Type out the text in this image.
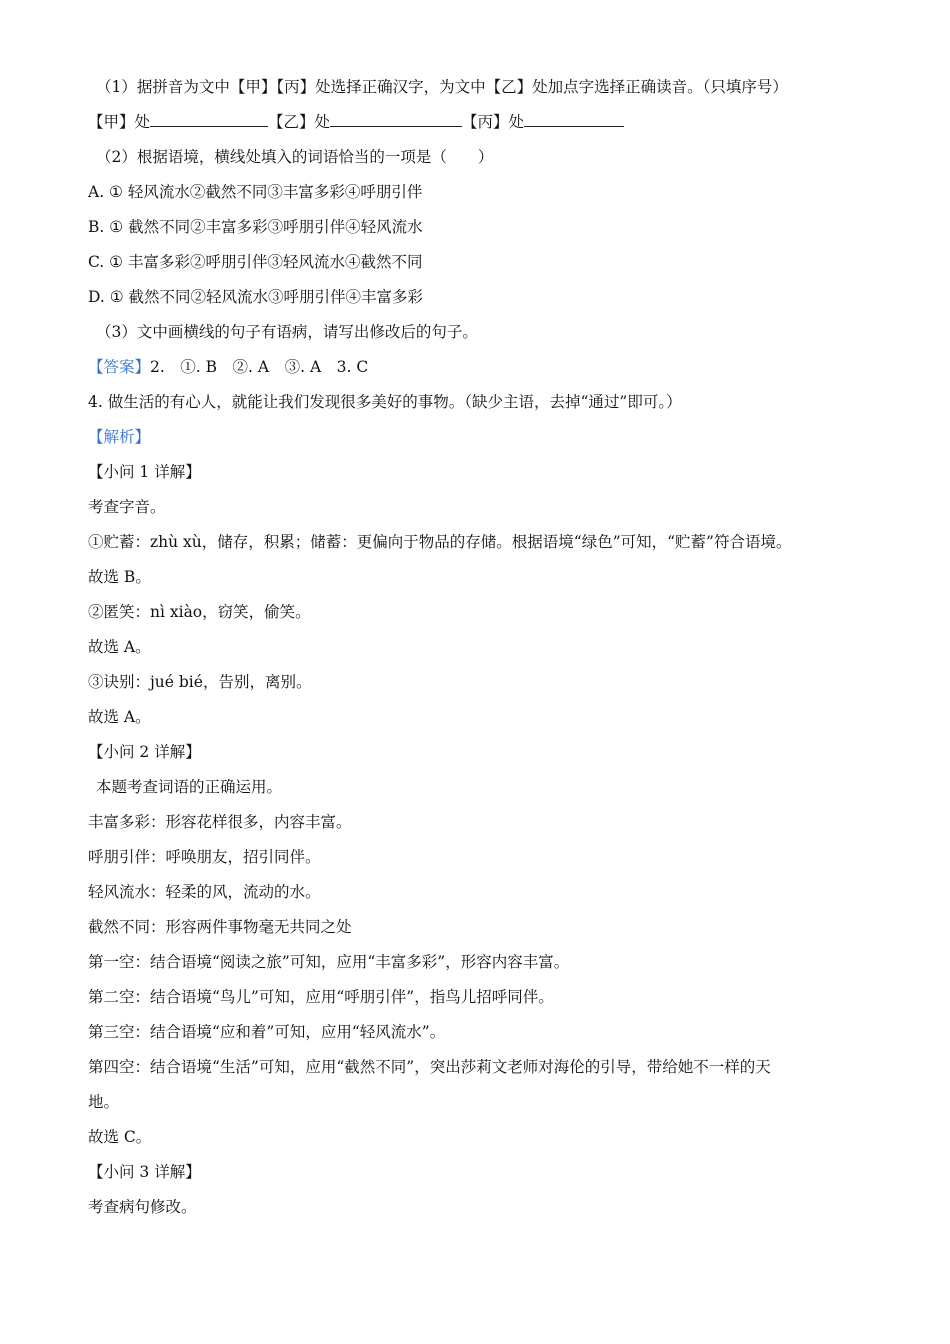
（1）据拼音为文中【甲】【丙】处选择正确汉字，为文中【乙】处加点字选择正确读音。（只填序号）
【甲】处	【乙】处	【丙】处
（2）根据语境，横线处填入的词语恰当的一项是（　　）
A. ① 轻风流水②截然不同③丰富多彩④呼朋引伴
B. ① 截然不同②丰富多彩③呼朋引伴④轻风流水
C. ① 丰富多彩②呼朋引伴③轻风流水④截然不同
D. ① 截然不同②轻风流水③呼朋引伴④丰富多彩
（3）文中画横线的句子有语病，请写出修改后的句子。
【答案】2.　①. B　②. A　③. A　3. C
4. 做生活的有心人，就能让我们发现很多美好的事物。（缺少主语，去掉“通过”即可。）
【解析】
【小问 1 详解】
考查字音。
①贮蓄：zhù xù，储存，积累；储蓄：更偏向于物品的存储。根据语境“绿色”可知，“贮蓄”符合语境。
故选 B。
②匿笑：nì xiào，窃笑，偷笑。
故选 A。
③诀别：jué bié，告别，离别。
故选 A。
【小问 2 详解】
本题考查词语的正确运用。
丰富多彩：形容花样很多，内容丰富。
呼朋引伴：呼唤朋友，招引同伴。
轻风流水：轻柔的风，流动的水。
截然不同：形容两件事物毫无共同之处
第一空：结合语境“阅读之旅”可知，应用“丰富多彩”，形容内容丰富。
第二空：结合语境“鸟儿”可知，应用“呼朋引伴”，指鸟儿招呼同伴。
第三空：结合语境“应和着”可知，应用“轻风流水”。
第四空：结合语境“生活”可知，应用“截然不同”，突出莎莉文老师对海伦的引导，带给她不一样的天
地。
故选 C。
【小问 3 详解】
考查病句修改。
